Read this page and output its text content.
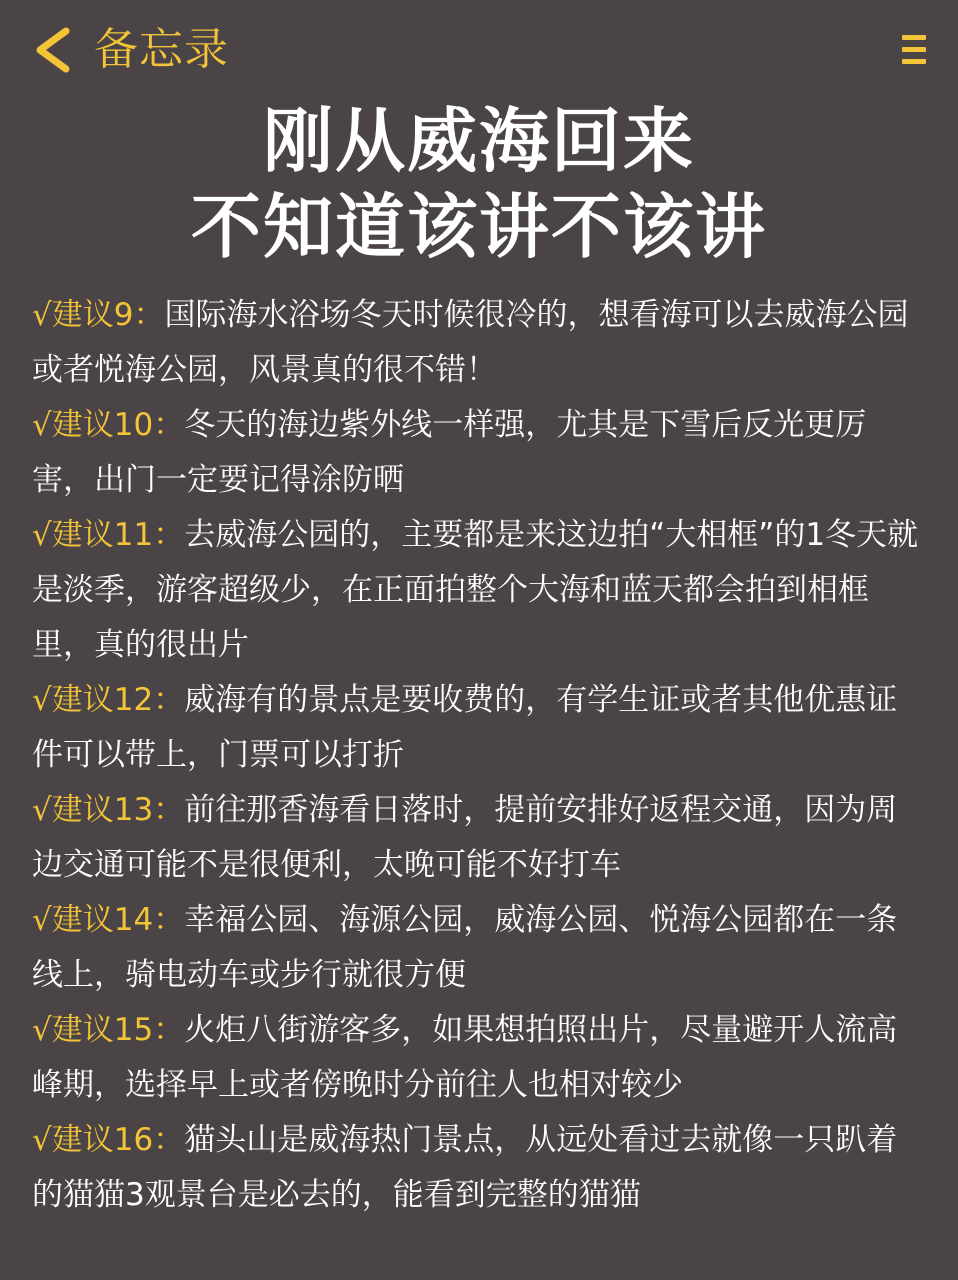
备忘录
刚从威海回来
不知道该讲不该讲

√建议9：国际海水浴场冬天时候很冷的，想看海可以去威海公园或者悦海公园，风景真的很不错！

√建议10：冬天的海边紫外线一样强，尤其是下雪后反光更厉害，出门一定要记得涂防晒

√建议11：去威海公园的，主要都是来这边拍“大相框”的1冬天就是淡季，游客超级少，在正面拍整个大海和蓝天都会拍到相框里，真的很出片

√建议12：威海有的景点是要收费的，有学生证或者其他优惠证件可以带上，门票可以打折

√建议13：前往那香海看日落时，提前安排好返程交通，因为周边交通可能不是很便利，太晚可能不好打车

√建议14：幸福公园、海源公园，威海公园、悦海公园都在一条线上，骑电动车或步行就很方便

√建议15：火炬八街游客多，如果想拍照出片，尽量避开人流高峰期，选择早上或者傍晚时分前往人也相对较少

√建议16：猫头山是威海热门景点，从远处看过去就像一只趴着的猫猫3观景台是必去的，能看到完整的猫猫
